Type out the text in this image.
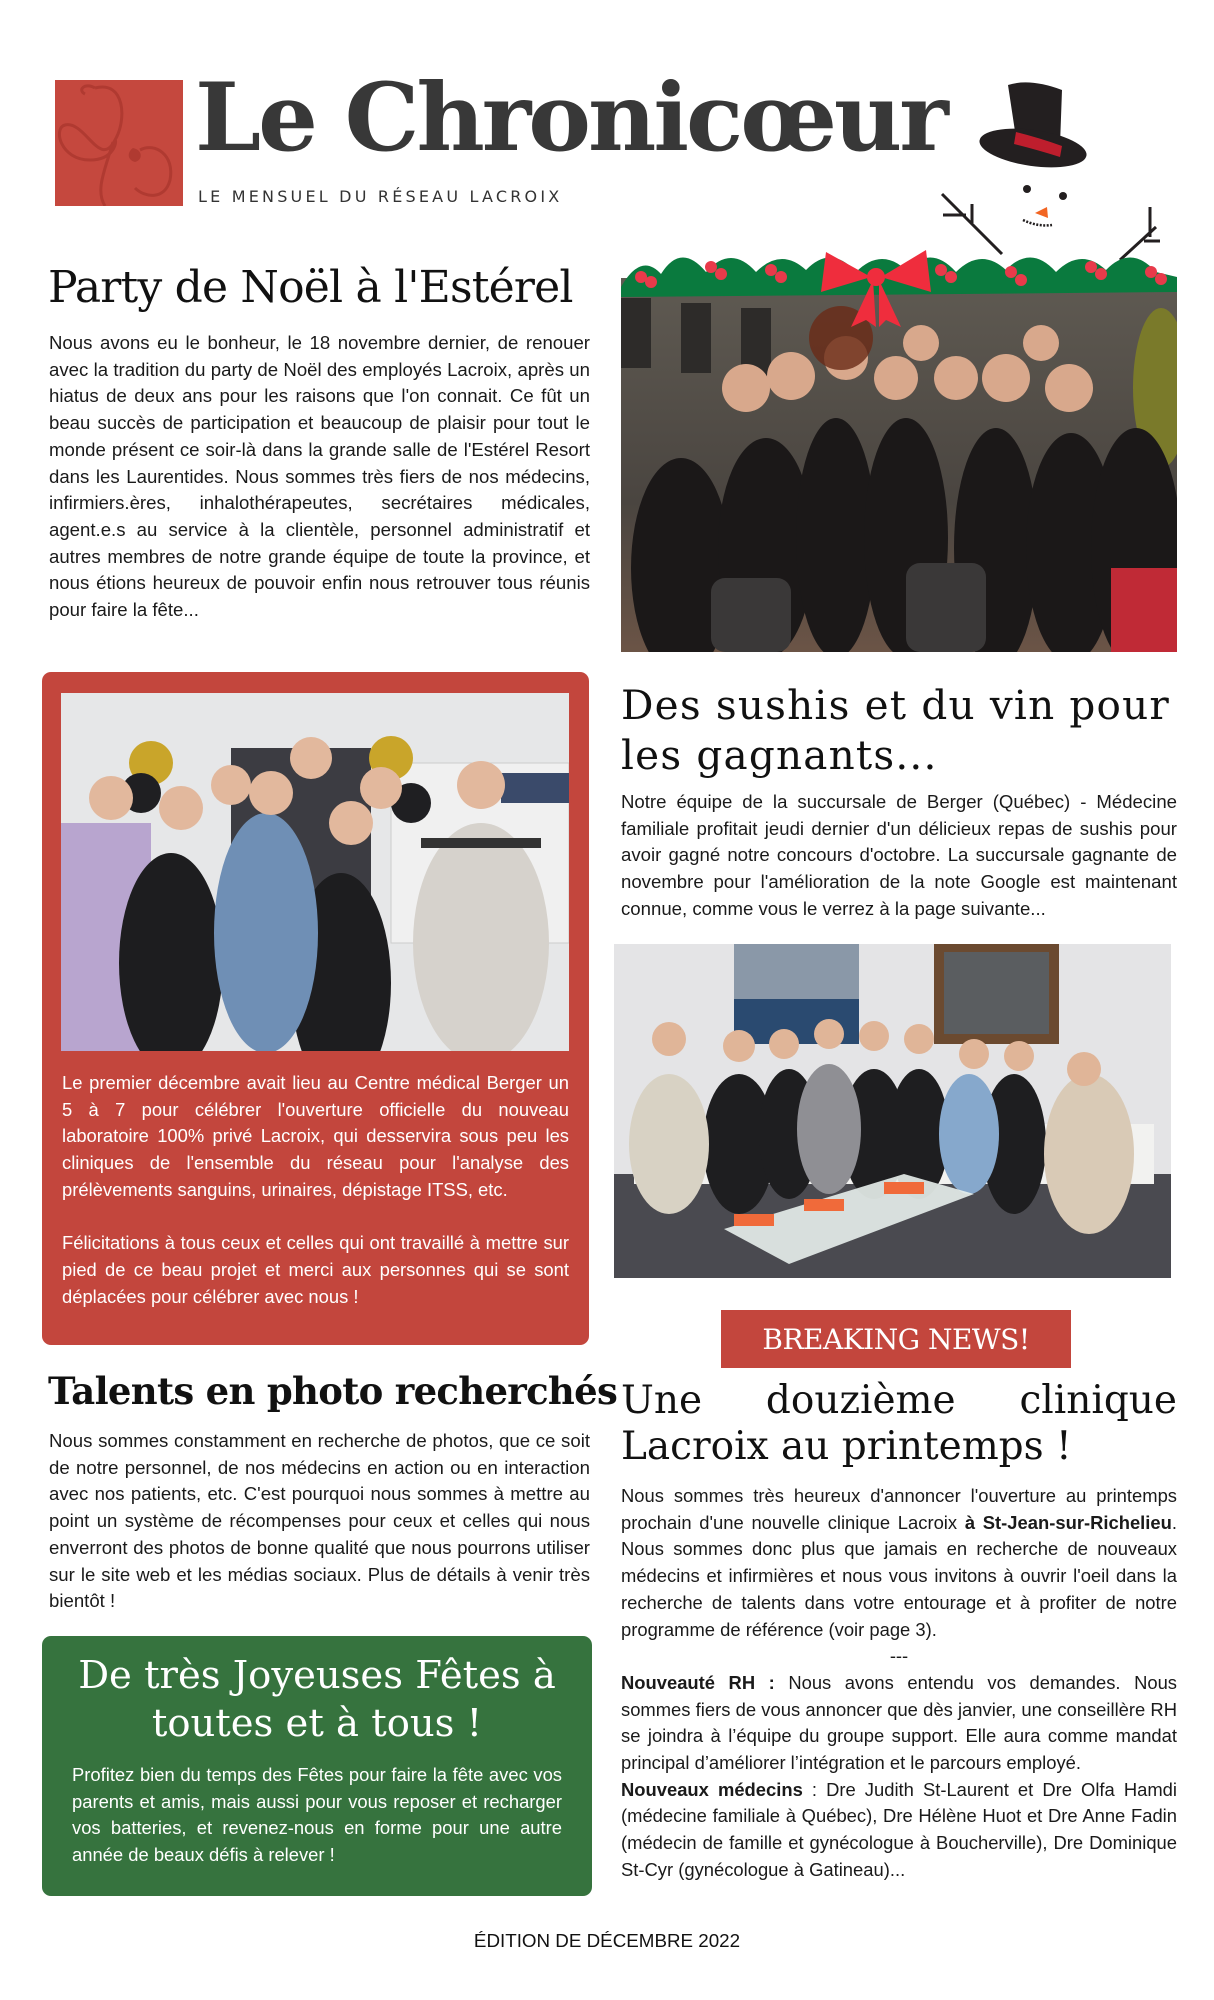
Le Chronicœur
LE MENSUEL DU RÉSEAU LACROIX
Party de Noël à l'Estérel

Nous avons eu le bonheur, le 18 novembre dernier, de renouer avec la tradition du party de Noël des employés Lacroix, après un hiatus de deux ans pour les raisons que l'on connait. Ce fût un beau succès de participation et beaucoup de plaisir pour tout le monde présent ce soir-là dans la grande salle de l'Estérel Resort dans les Laurentides. Nous sommes très fiers de nos médecins, infirmiers.ères, inhalothérapeutes, secrétaires médicales, agent.e.s au service à la clientèle, personnel administratif et autres membres de notre grande équipe de toute la province, et nous étions heureux de pouvoir enfin nous retrouver tous réunis pour faire la fête...

Le premier décembre avait lieu au Centre médical Berger un 5 à 7 pour célébrer l'ouverture officielle du nouveau laboratoire 100% privé Lacroix, qui desservira sous peu les cliniques de l'ensemble du réseau pour l'analyse des prélèvements sanguins, urinaires, dépistage ITSS, etc.

Félicitations à tous ceux et celles qui ont travaillé à mettre sur pied de ce beau projet et merci aux personnes qui se sont déplacées pour célébrer avec nous !

Des sushis et du vin pour
les gagnants...

Notre équipe de la succursale de Berger (Québec) - Médecine familiale profitait jeudi dernier d'un délicieux repas de sushis pour avoir gagné notre concours d'octobre. La succursale gagnante de novembre pour l'amélioration de la note Google est maintenant connue, comme vous le verrez à la page suivante...

BREAKING NEWS!
Une douzième clinique
Lacroix au printemps !

Nous sommes très heureux d'annoncer l'ouverture au printemps prochain d'une nouvelle clinique Lacroix à St-Jean-sur-Richelieu. Nous sommes donc plus que jamais en recherche de nouveaux médecins et infirmières et nous vous invitons à ouvrir l'oeil dans la recherche de talents dans votre entourage et à profiter de notre programme de référence (voir page 3).

---

Nouveauté RH : Nous avons entendu vos demandes. Nous sommes fiers de vous annoncer que dès janvier, une conseillère RH se joindra à l’équipe du groupe support. Elle aura comme mandat principal d’améliorer l’intégration et le parcours employé.

Nouveaux médecins : Dre Judith St-Laurent et Dre Olfa Hamdi (médecine familiale à Québec), Dre Hélène Huot et Dre Anne Fadin (médecin de famille et gynécologue à Boucherville), Dre Dominique St-Cyr (gynécologue à Gatineau)...

Talents en photo recherchés

Nous sommes constamment en recherche de photos, que ce soit de notre personnel, de nos médecins en action ou en interaction avec nos patients, etc. C'est pourquoi nous sommes à mettre au point un système de récompenses pour ceux et celles qui nous enverront des photos de bonne qualité que nous pourrons utiliser sur le site web et les médias sociaux. Plus de détails à venir très bientôt !

De très Joyeuses Fêtes à
toutes et à tous !

Profitez bien du temps des Fêtes pour faire la fête avec vos parents et amis, mais aussi pour vous reposer et recharger vos batteries, et revenez-nous en forme pour une autre année de beaux défis à relever !

ÉDITION DE DÉCEMBRE 2022
